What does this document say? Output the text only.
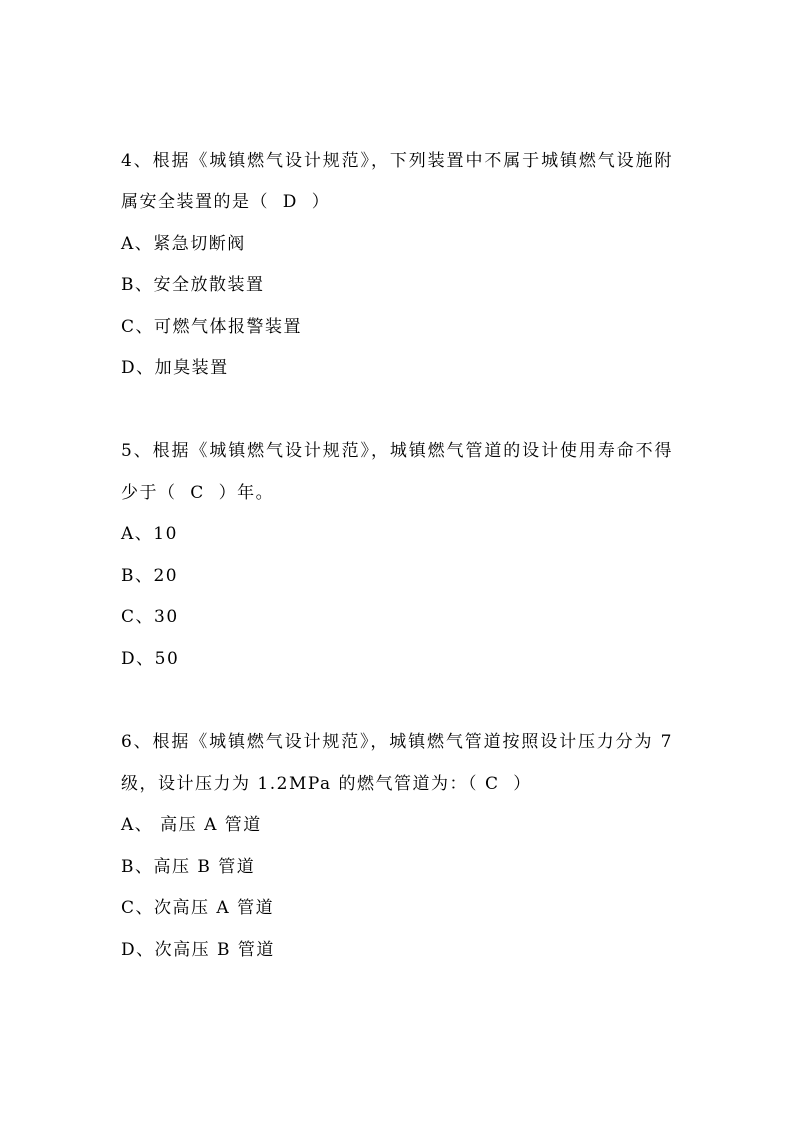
4、根据《城镇燃气设计规范》，下列装置中不属于城镇燃气设施附
属安全装置的是（  D  ）
A、紧急切断阀
B、安全放散装置
C、可燃气体报警装置
D、加臭装置
5、根据《城镇燃气设计规范》，城镇燃气管道的设计使用寿命不得
少于（  C  ）年。
A、10
B、20
C、30
D、50
6、根据《城镇燃气设计规范》，城镇燃气管道按照设计压力分为 7
级，设计压力为 1.2MPa 的燃气管道为：（ C  ）
A、 高压 A 管道
B、高压 B 管道
C、次高压 A 管道
D、次高压 B 管道
